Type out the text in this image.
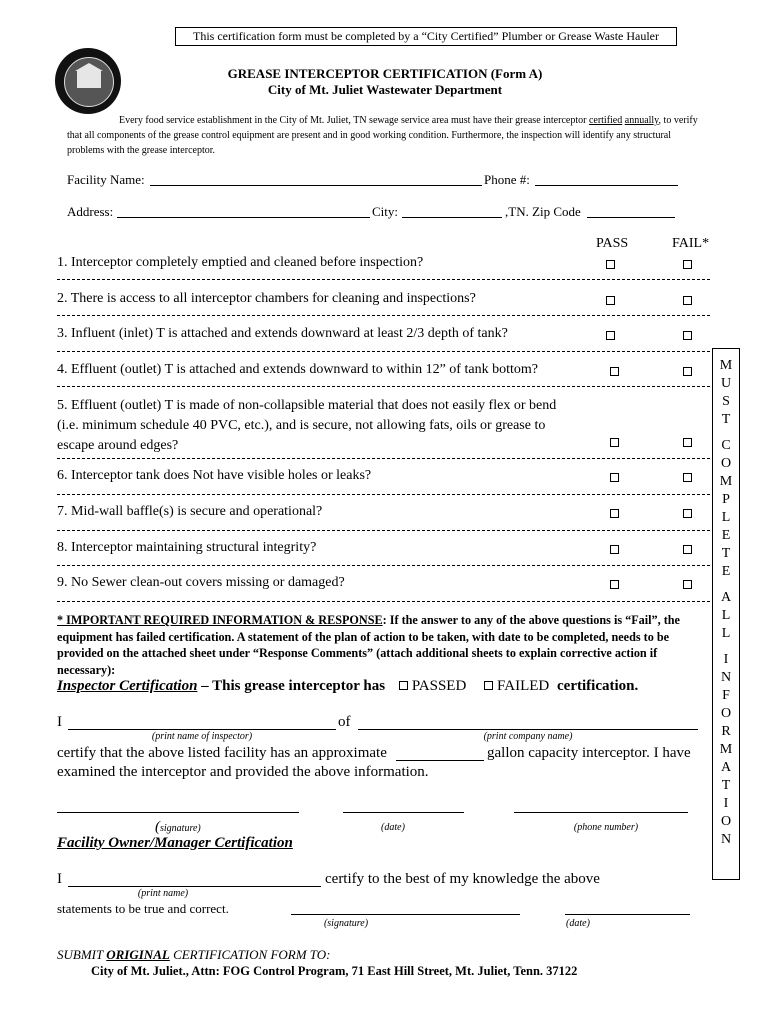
This certification form must be completed by a “City Certified” Plumber or Grease Waste Hauler
GREASE INTERCEPTOR CERTIFICATION (Form A)
City of Mt. Juliet Wastewater Department
Every food service establishment in the City of Mt. Juliet, TN sewage service area must have their grease interceptor certified annually, to verify that all components of the grease control equipment are present and in good working condition. Furthermore, the inspection will identify any structural problems with the grease interceptor.
Facility Name:	Phone #:
Address:	City:	,TN. Zip Code
PASS	FAIL*
1. Interceptor completely emptied and cleaned before inspection?
2. There is access to all interceptor chambers for cleaning and inspections?
3. Influent (inlet) T is attached and extends downward at least 2/3 depth of tank?
4. Effluent (outlet) T is attached and extends downward to within 12” of tank bottom?
5. Effluent (outlet) T is made of non-collapsible material that does not easily flex or bend (i.e. minimum schedule 40 PVC, etc.), and is secure, not allowing fats, oils or grease to escape around edges?
6. Interceptor tank does Not have visible holes or leaks?
7. Mid-wall baffle(s) is secure and operational?
8. Interceptor maintaining structural integrity?
9. No Sewer clean-out covers missing or damaged?
M
U
S
T
C
O
M
P
L
E
T
E
A
L
L
I
N
F
O
R
M
A
T
I
O
N
* IMPORTANT REQUIRED INFORMATION & RESPONSE: If the answer to any of the above questions is “Fail”, the equipment has failed certification. A statement of the plan of action to be taken, with date to be completed, needs to be provided on the attached sheet under “Response Comments” (attach additional sheets to explain corrective action if necessary):
Inspector Certification – This grease interceptor has PASSED FAILED certification.
I	of
(print name of inspector)	(print company name)
certify that the above listed facility has an approximate	gallon capacity interceptor. I have
examined the interceptor and provided the above information.
(signature)	(date)	(phone number)
Facility Owner/Manager Certification
I	certify to the best of my knowledge the above
(print name)
statements to be true and correct.
(signature)	(date)
SUBMIT ORIGINAL CERTIFICATION FORM TO:
City of Mt. Juliet., Attn: FOG Control Program, 71 East Hill Street, Mt. Juliet, Tenn. 37122
